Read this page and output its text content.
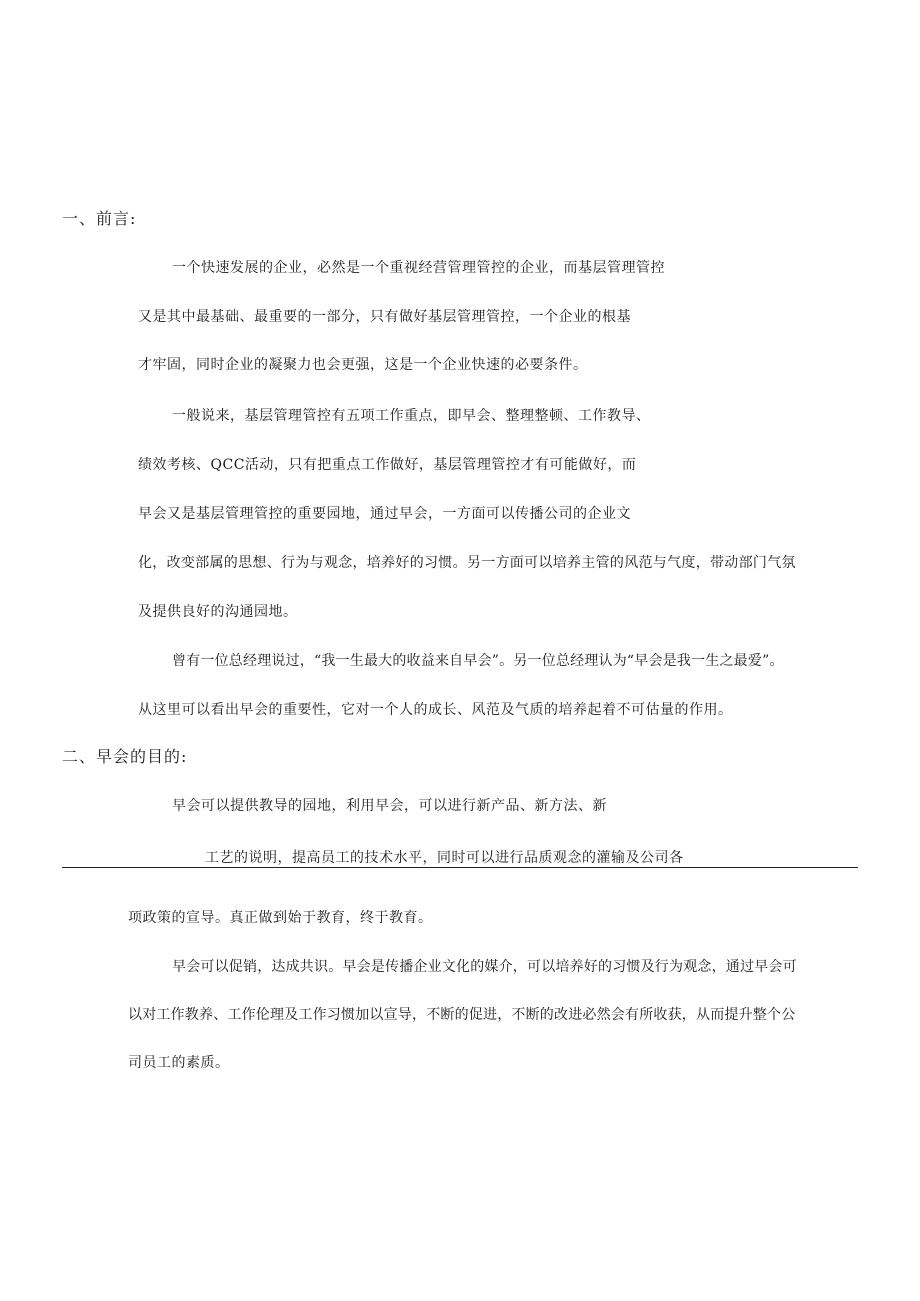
一、前言:
一个快速发展的企业，必然是一个重视经营管理管控的企业，而基层管理管控
又是其中最基础、最重要的一部分，只有做好基层管理管控，一个企业的根基
才牢固，同时企业的凝聚力也会更强，这是一个企业快速的必要条件。
一般说来，基层管理管控有五项工作重点，即早会、整理整顿、工作教导、
绩效考核、QCC活动，只有把重点工作做好，基层管理管控才有可能做好，而
早会又是基层管理管控的重要园地，通过早会，一方面可以传播公司的企业文
化，改变部属的思想、行为与观念，培养好的习惯。另一方面可以培养主管的风范与气度，带动部门气氛
及提供良好的沟通园地。
曾有一位总经理说过，“我一生最大的收益来自早会”。另一位总经理认为“早会是我一生之最爱”。
从这里可以看出早会的重要性，它对一个人的成长、风范及气质的培养起着不可估量的作用。
二、早会的目的:
早会可以提供教导的园地，利用早会，可以进行新产品、新方法、新
工艺的说明，提高员工的技术水平，同时可以进行品质观念的灌输及公司各
项政策的宣导。真正做到始于教育，终于教育。
早会可以促销，达成共识。早会是传播企业文化的媒介，可以培养好的习惯及行为观念，通过早会可
以对工作教养、工作伦理及工作习惯加以宣导，不断的促进，不断的改进必然会有所收获，从而提升整个公
司员工的素质。
